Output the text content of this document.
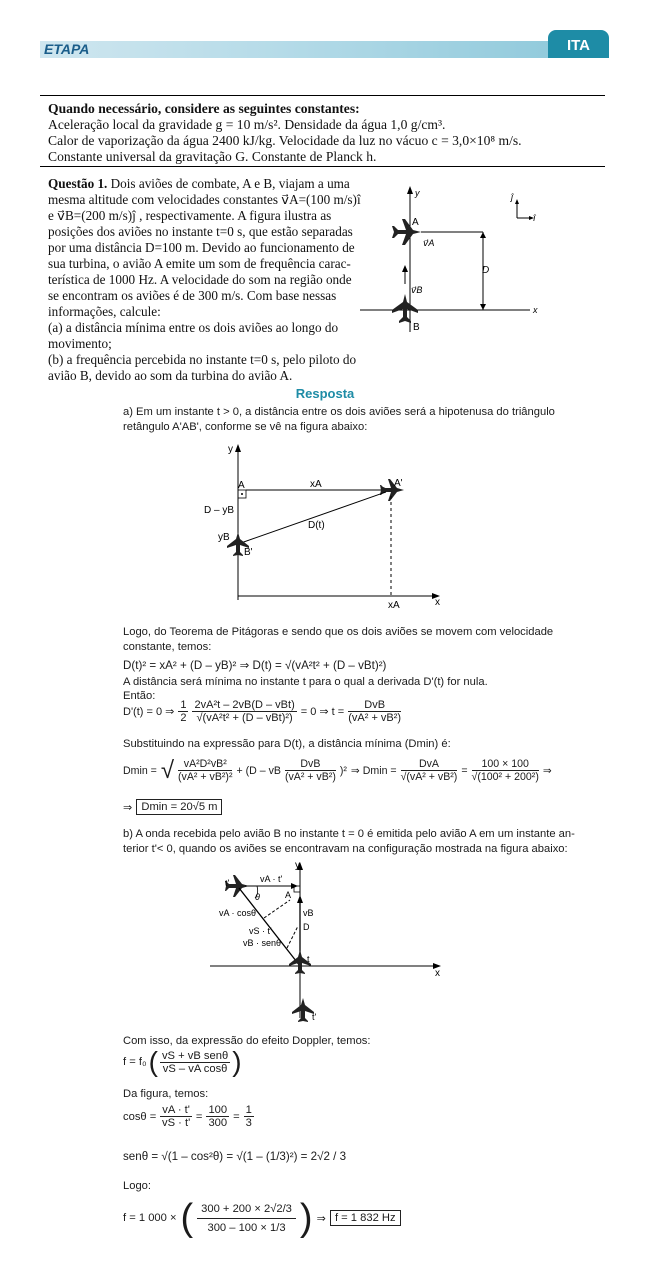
ETAPA	ITA
Quando necessário, considere as seguintes constantes:
Aceleração local da gravidade g = 10 m/s². Densidade da água 1,0 g/cm³.
Calor de vaporização da água 2400 kJ/kg. Velocidade da luz no vácuo c = 3,0×10⁸ m/s.
Constante universal da gravitação G. Constante de Planck h.
Questão 1. Dois aviões de combate, A e B, viajam a uma
mesma altitude com velocidades constantes v⃗A=(100 m/s)î
e v⃗B=(200 m/s)ĵ , respectivamente. A figura ilustra as
posições dos aviões no instante t=0 s, que estão separadas
por uma distância D=100 m. Devido ao funcionamento de
sua turbina, o avião A emite um som de frequência carac-
terística de 1000 Hz. A velocidade do som na região onde
se encontram os aviões é de 300 m/s. Com base nessas
informações, calcule:
(a) a distância mínima entre os dois aviões ao longo do
movimento;
(b) a frequência percebida no instante t=0 s, pelo piloto do
avião B, devido ao som da turbina do avião A.
y
x
A
v⃗A
v⃗B
B
D
ĵ
î
Resposta
a) Em um instante t > 0, a distância entre os dois aviões será a hipotenusa do triângulo
retângulo A'AB', conforme se vê na figura abaixo:
y
x
A	xA	A'
xA
D(t)
D – yB
yB
B'
Logo, do Teorema de Pitágoras e sendo que os dois aviões se movem com velocidade
constante, temos:
D(t)² = xA² + (D – yB)² ⇒ D(t) = √(vA²t² + (D – vBt)²)
A distância será mínima no instante t para o qual a derivada D'(t) for nula.
Então:
D'(t) = 0 ⇒
1
2
2vA²t – 2vB(D – vBt)
√(vA²t² + (D – vBt)²) = 0 ⇒ t =
DvB
(vA² + vB²)
Substituindo na expressão para D(t), a distância mínima (Dmin) é:
Dmin = √ vA²D²vB²
(vA² + vB²)²
+ (D – vB
DvB
(vA² + vB²)
)² ⇒ Dmin =
DvA
√(vA² + vB²)
= $\frac{100 \times 100}{\text{√(100² + 200²)}}$ ⇒
⇒ Dmin = 20√5 m
b) A onda recebida pelo avião B no instante t = 0 é emitida pelo avião A em um instante an-
terior t'< 0, quando os aviões se encontravam na configuração mostrada na figura abaixo:
y
x
t'	vA · t'
A
θ
vA · cosθ	vB
D
vS · t'
vB · senθ
t
t'
Com isso, da expressão do efeito Doppler, temos:
f = f₀ ( vS + vB senθ
vS – vA cosθ )
Da figura, temos:
$\cos\theta = \frac{vA \cdot t'}{vS \cdot t'} = \frac{100}{300} = \frac{1}{3}$
senθ = √(1 – cos²θ) = √(1 – (1/3)²) = 2√2 / 3
Logo:
f = 1 000 × ( 300 + 200 × 2√2/3
300 – 100 × 1/3 ) ⇒ f = 1 832 Hz
